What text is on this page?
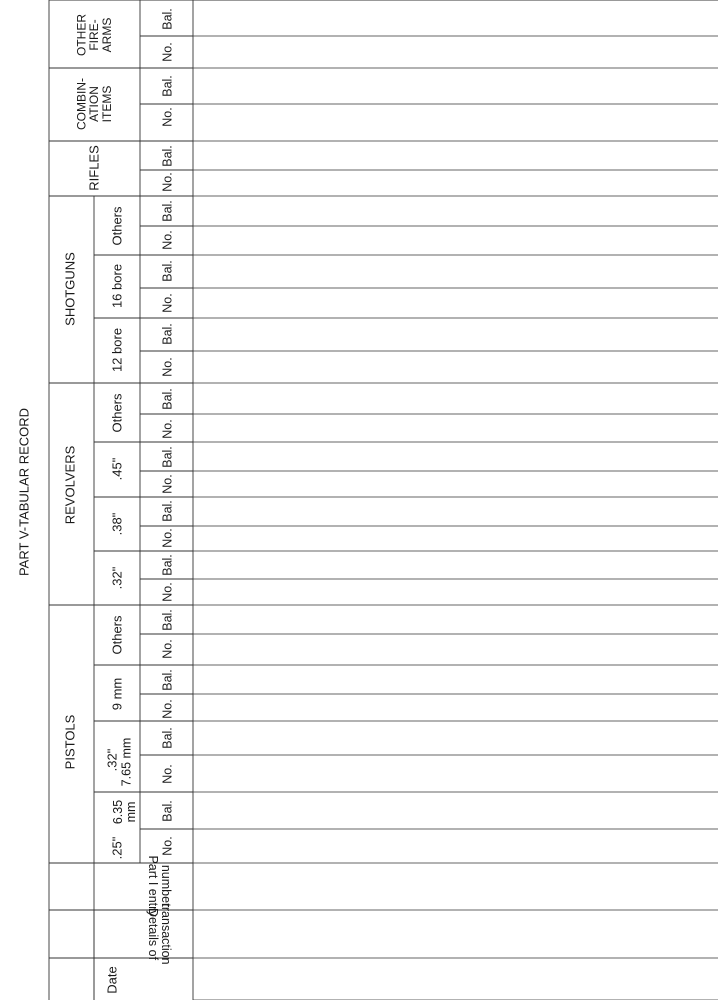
PART V-TABULAR RECORD
PISTOLS
REVOLVERS
SHOTGUNS
RIFLES
COMBIN-ATIONITEMS
OTHERFIRE-ARMS
.25"
6.35mm
.32" 7.65 mm
9 mm
Others
.32"
.38"
.45"
Others
12 bore
16 bore
Others
No.
Bal.
No.
Bal.
No.
Bal.
No.
Bal.
No.
Bal.
No.
Bal.
No.
Bal.
No.
Bal.
No.
Bal.
No.
Bal.
No.
Bal.
No.
Bal.
No.
Bal.
No.
Bal.
Date
Details oftransaction
Part I entrynumber
